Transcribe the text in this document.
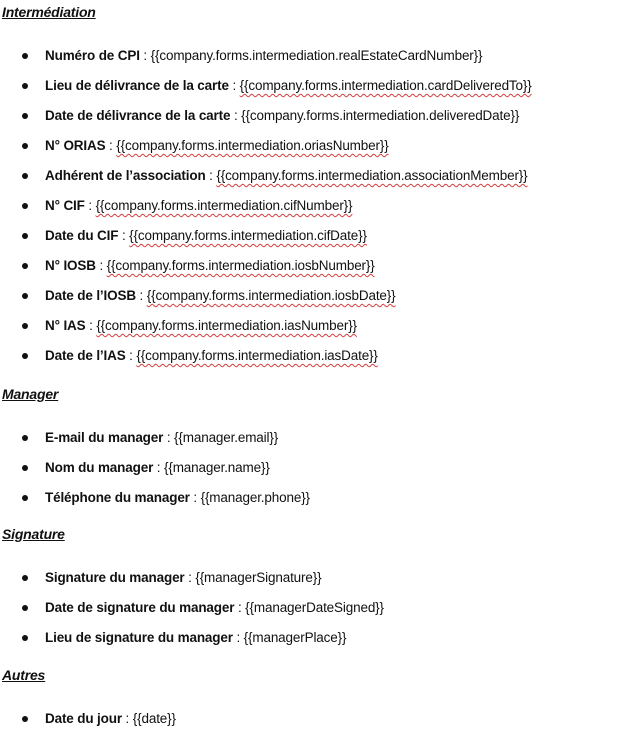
Intermédiation
Numéro de CPI : {{company.forms.intermediation.realEstateCardNumber}}
Lieu de délivrance de la carte : {{company.forms.intermediation.cardDeliveredTo}}
Date de délivrance de la carte : {{company.forms.intermediation.deliveredDate}}
N° ORIAS : {{company.forms.intermediation.oriasNumber}}
Adhérent de l’association : {{company.forms.intermediation.associationMember}}
N° CIF : {{company.forms.intermediation.cifNumber}}
Date du CIF : {{company.forms.intermediation.cifDate}}
N° IOSB : {{company.forms.intermediation.iosbNumber}}
Date de l’IOSB : {{company.forms.intermediation.iosbDate}}
N° IAS : {{company.forms.intermediation.iasNumber}}
Date de l’IAS : {{company.forms.intermediation.iasDate}}
Manager
E-mail du manager : {{manager.email}}
Nom du manager : {{manager.name}}
Téléphone du manager : {{manager.phone}}
Signature
Signature du manager : {{managerSignature}}
Date de signature du manager : {{managerDateSigned}}
Lieu de signature du manager : {{managerPlace}}
Autres
Date du jour : {{date}}
